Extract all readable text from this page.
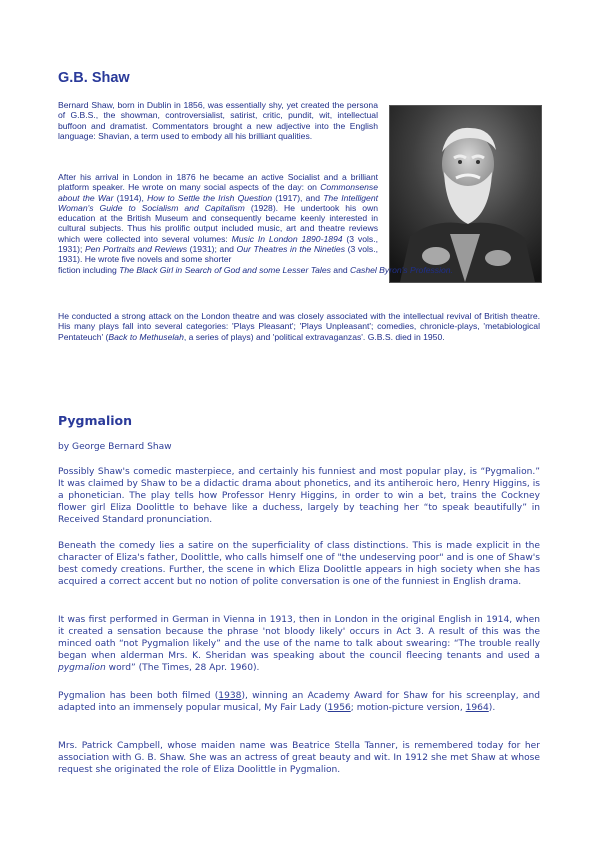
G.B. Shaw

Bernard Shaw, born in Dublin in 1856, was essentially shy, yet created the persona of G.B.S., the showman, controversialist, satirist, critic, pundit, wit, intellectual buffoon and dramatist. Commentators brought a new adjective into the English language: Shavian, a term used to embody all his brilliant qualities.

After his arrival in London in 1876 he became an active Socialist and a brilliant platform speaker. He wrote on many social aspects of the day: on Commonsense about the War (1914), How to Settle the Irish Question (1917), and The Intelligent Woman's Guide to Socialism and Capitalism (1928). He undertook his own education at the British Museum and consequently became keenly interested in cultural subjects. Thus his prolific output included music, art and theatre reviews which were collected into several volumes: Music In London 1890-1894 (3 vols., 1931); Pen Portraits and Reviews (1931); and Our Theatres in the Nineties (3 vols., 1931). He wrote five novels and some shorter
fiction including The Black Girl in Search of God and some Lesser Tales and Cashel Byron's Profession.

He conducted a strong attack on the London theatre and was closely associated with the intellectual revival of British theatre. His many plays fall into several categories: 'Plays Pleasant'; 'Plays Unpleasant'; comedies, chronicle-plays, 'metabiological Pentateuch' (Back to Methuselah, a series of plays) and 'political extravaganzas'. G.B.S. died in 1950.

Pygmalion

by George Bernard Shaw

Possibly Shaw's comedic masterpiece, and certainly his funniest and most popular play, is “Pygmalion.” It was claimed by Shaw to be a didactic drama about phonetics, and its antiheroic hero, Henry Higgins, is a phonetician. The play tells how Professor Henry Higgins, in order to win a bet, trains the Cockney flower girl Eliza Doolittle to behave like a duchess, largely by teaching her “to speak beautifully” in Received Standard pronunciation.

Beneath the comedy lies a satire on the superficiality of class distinctions. This is made explicit in the character of Eliza's father, Doolittle, who calls himself one of "the undeserving poor" and is one of Shaw's best comedy creations. Further, the scene in which Eliza Doolittle appears in high society when she has acquired a correct accent but no notion of polite conversation is one of the funniest in English drama.

It was first performed in German in Vienna in 1913, then in London in the original English in 1914, when it created a sensation because the phrase 'not bloody likely' occurs in Act 3. A result of this was the minced oath “not Pygmalion likely” and the use of the name to talk about swearing: “The trouble really began when alderman Mrs. K. Sheridan was speaking about the council fleecing tenants and used a pygmalion word” (The Times, 28 Apr. 1960).

Pygmalion has been both filmed (1938), winning an Academy Award for Shaw for his screenplay, and adapted into an immensely popular musical, My Fair Lady (1956; motion-picture version, 1964).

Mrs. Patrick Campbell, whose maiden name was Beatrice Stella Tanner, is remembered today for her association with G. B. Shaw. She was an actress of great beauty and wit. In 1912 she met Shaw at whose request she originated the role of Eliza Doolittle in Pygmalion.
